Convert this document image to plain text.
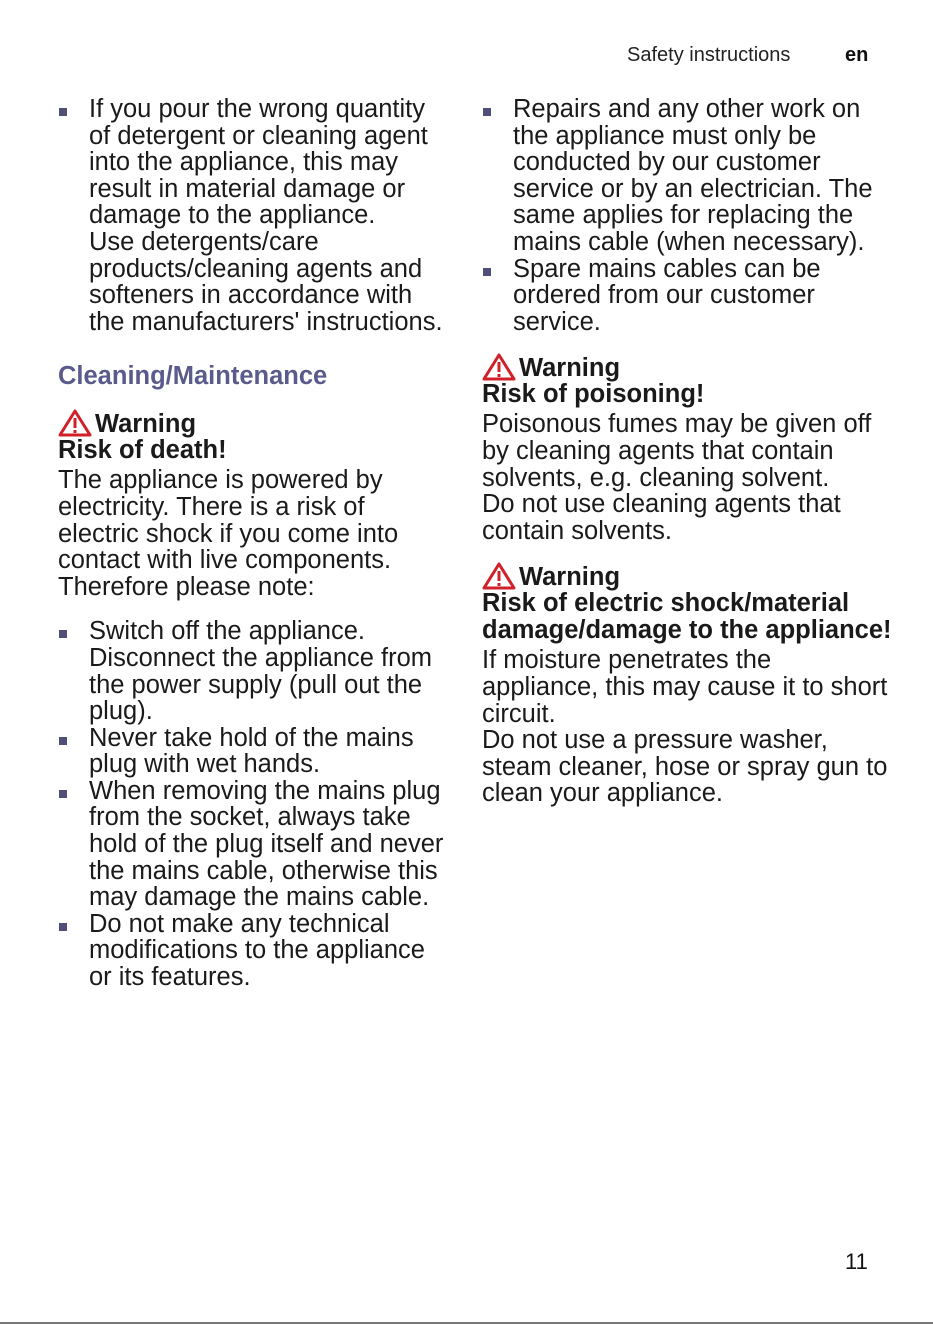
Safety instructions	en
If you pour the wrong quantity of detergent or cleaning agent into the appliance, this may result in material damage or damage to the appliance.
Use detergents/care products/cleaning agents and softeners in accordance with the manufacturers' instructions.
Cleaning/Maintenance
Warning

Risk of death!

The appliance is powered by electricity. There is a risk of electric shock if you come into contact with live components. Therefore please note:

Switch off the appliance.
Disconnect the appliance from the power supply (pull out the plug).
Never take hold of the mains plug with wet hands.
When removing the mains plug from the socket, always take hold of the plug itself and never the mains cable, otherwise this may damage the mains cable.
Do not make any technical modifications to the appliance or its features.
Repairs and any other work on the appliance must only be conducted by our customer service or by an electrician. The same applies for replacing the mains cable (when necessary).
Spare mains cables can be ordered from our customer service.
Warning

Risk of poisoning!

Poisonous fumes may be given off by cleaning agents that contain solvents, e.g. cleaning solvent.

Do not use cleaning agents that contain solvents.

Warning

Risk of electric shock/material damage/damage to the appliance!

If moisture penetrates the appliance, this may cause it to short circuit.

Do not use a pressure washer, steam cleaner, hose or spray gun to clean your appliance.

11
